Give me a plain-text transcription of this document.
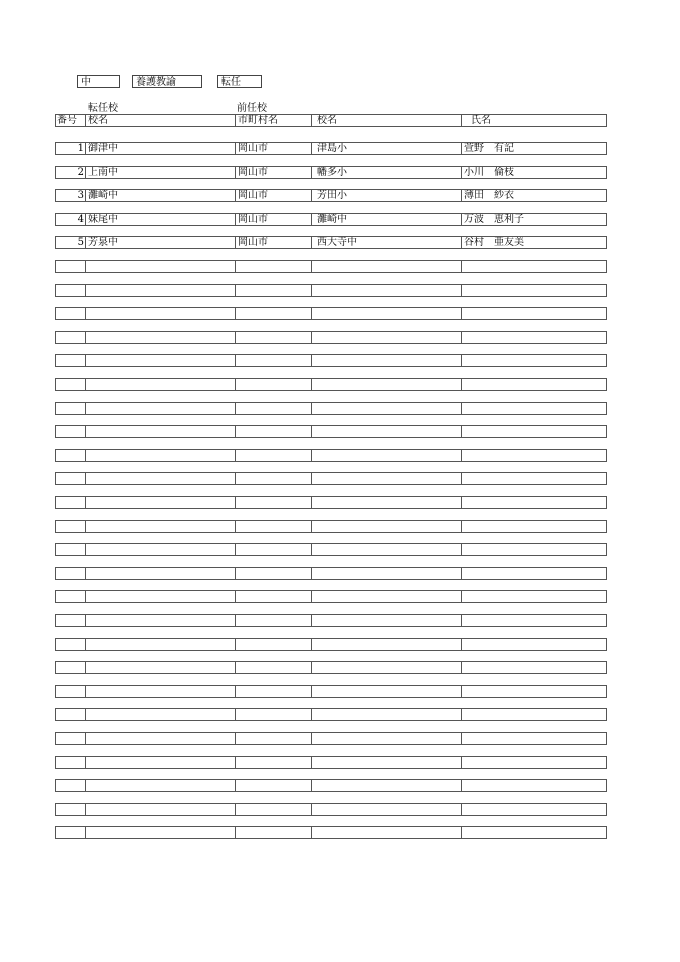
中	養護教諭	転任
転任校	前任校
番号	校名	市町村名	校名	氏名
1 御津中	岡山市	津島小	萱野　有記
2 上南中	岡山市	幡多小	小川　倫枝
3 灘崎中	岡山市	芳田小	薄田　紗衣
4 妹尾中	岡山市	灘崎中	万波　恵利子
5 芳泉中	岡山市	西大寺中	谷村　亜友美
